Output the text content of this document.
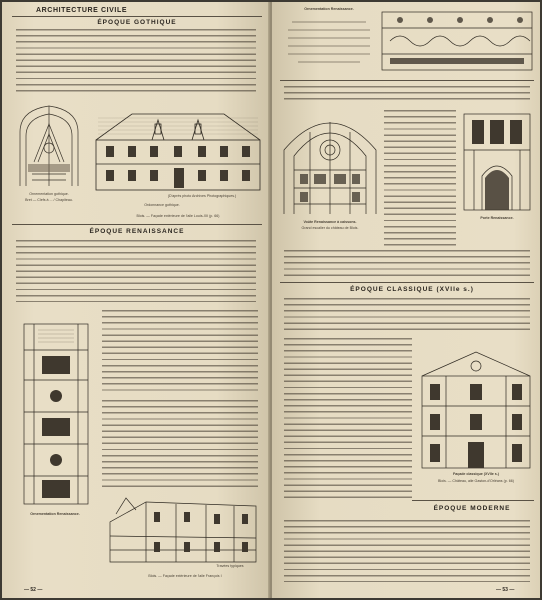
ARCHITECTURE CIVILE
ÉPOQUE GOTHIQUE
Ornementation gothique.
Bret — Clefs à ... / Chapiteau.
(D'après photo Archives Photographiques.)
Ordonnance gothique.
Blois. — Façade extérieure de l'aile Louis-XII (p. 66)
ÉPOQUE RENAISSANCE
Ornementation Renaissance.
Travées typiques
Blois. — Façade extérieure de l'aile François I
— 52 —
Ornementation Renaissance.
Voûte Renaissance à caissons.
Grand escalier du château de Blois.
Porte Renaissance.
ÉPOQUE CLASSIQUE (XVIIe s.)
Façade classique (XVIIe s.)
Blois. — Château, aile Gaston-d'Orléans (p. 66)
ÉPOQUE MODERNE
— 53 —
